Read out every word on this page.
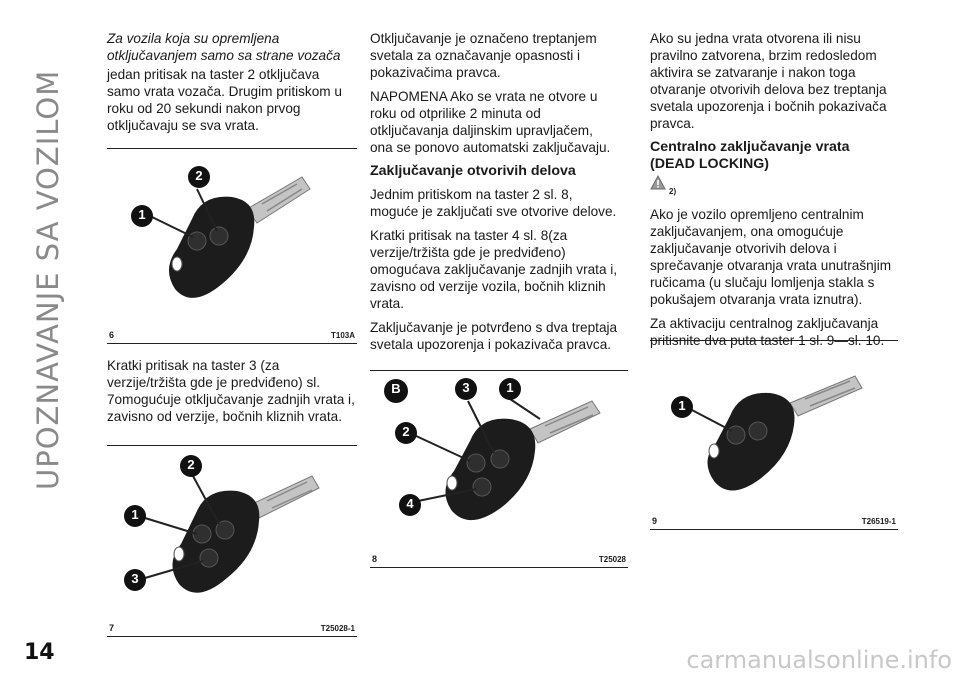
UPOZNAVANJE SA VOZILOM
14

Za vozila koja su opremljena

otključavanjem samo sa strane vozača

jedan pritisak na taster 2 otključava samo vrata vozača. Drugim pritiskom u roku od 20 sekundi nakon prvog otključavaju se sva vrata.

1
2
6	T103A

Kratki pritisak na taster 3 (za verzije/tržišta gde je predviđeno) sl. 7omogućuje otključavanje zadnjih vrata i, zavisno od verzije, bočnih kliznih vrata.

2
1
3
7	T25028-1

Otključavanje je označeno treptanjem svetala za označavanje opasnosti i pokazivačima pravca.

NAPOMENA Ako se vrata ne otvore u roku od otprilike 2 minuta od otključavanja daljinskim upravljačem, ona se ponovo automatski zaključavaju.

Zaključavanje otvorivih delova

Jednim pritiskom na taster 2 sl. 8, moguće je zaključati sve otvorive delove.

Kratki pritisak na taster 4 sl. 8(za verzije/tržišta gde je predviđeno) omogućava zaključavanje zadnjih vrata i, zavisno od verzije vozila, bočnih kliznih vrata.

Zaključavanje je potvrđeno s dva treptaja svetala upozorenja i pokazivača pravca.

B	3	1
2
4
8	T25028

Ako su jedna vrata otvorena ili nisu pravilno zatvorena, brzim redosledom aktivira se zatvaranje i nakon toga otvaranje otvorivih delova bez treptanja svetala upozorenja i bočnih pokazivača pravca.

Centralno zaključavanje vrata (DEAD LOCKING)
2)

Ako je vozilo opremljeno centralnim zaključavanjem, ona omogućuje zaključavanje otvorivih delova i sprečavanje otvaranja vrata unutrašnjim ručicama (u slučaju lomljenja stakla s pokušajem otvaranja vrata iznutra).

Za aktivaciju centralnog zaključavanja pritisnite dva puta taster 1 sl. 9—sl. 10.

1
9	T26519-1
carmanualsonline.info
